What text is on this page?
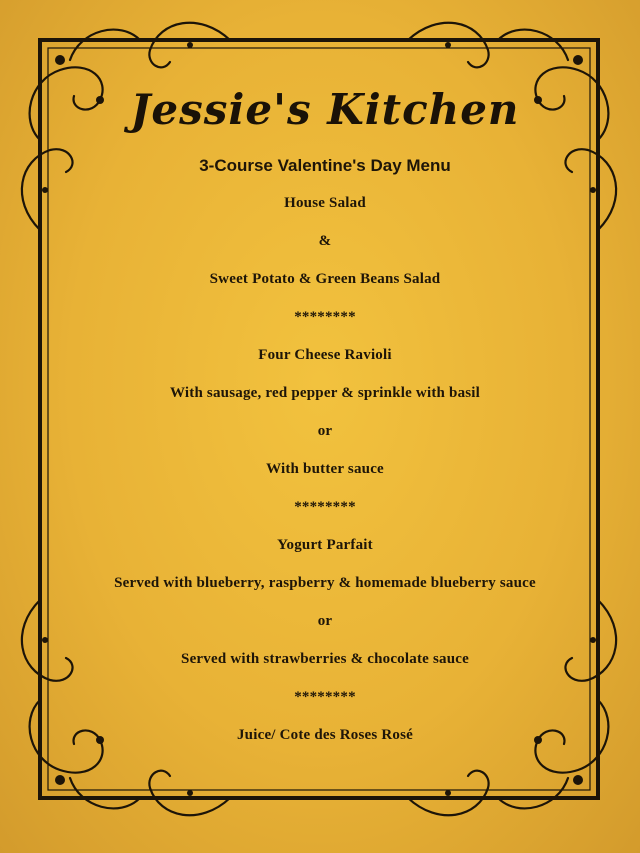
Jessie's Kitchen
3-Course Valentine's Day Menu
House Salad
&
Sweet Potato & Green Beans Salad
********
Four Cheese Ravioli
With sausage, red pepper & sprinkle with basil
or
With butter sauce
********
Yogurt Parfait
Served with blueberry, raspberry & homemade blueberry sauce
or
Served with strawberries & chocolate sauce
********
Juice/ Cote des Roses Rosé
